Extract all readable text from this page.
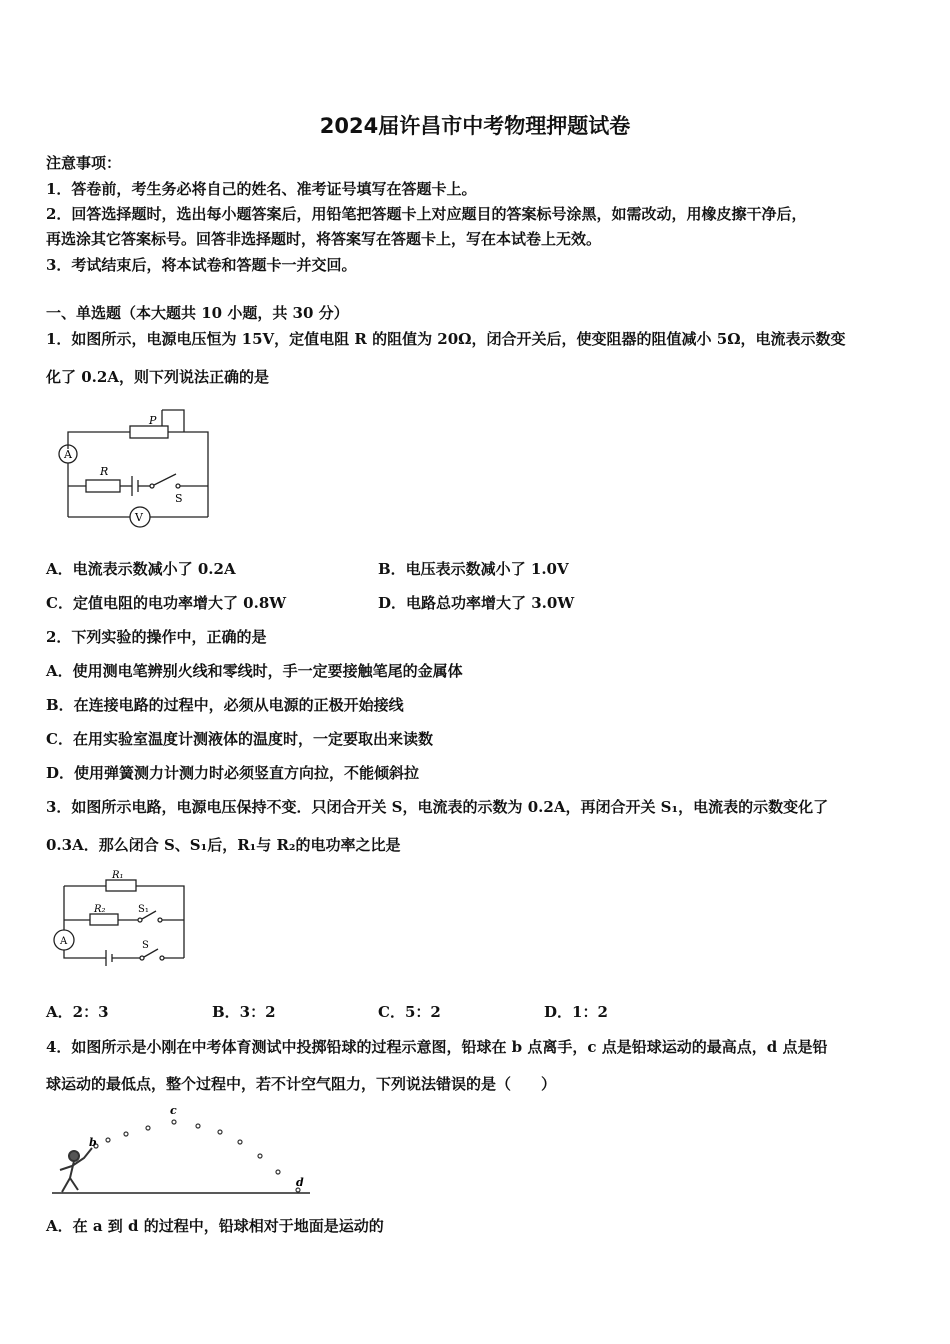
2024届许昌市中考物理押题试卷
注意事项：
1．答卷前，考生务必将自己的姓名、准考证号填写在答题卡上。
2．回答选择题时，选出每小题答案后，用铅笔把答题卡上对应题目的答案标号涂黑，如需改动，用橡皮擦干净后，
再选涂其它答案标号。回答非选择题时，将答案写在答题卡上，写在本试卷上无效。
3．考试结束后，将本试卷和答题卡一并交回。
一、单选题（本大题共 10 小题，共 30 分）
1．如图所示，电源电压恒为 15V，定值电阻 R 的阻值为 20Ω，闭合开关后，使变阻器的阻值减小 5Ω，电流表示数变
化了 0.2A，则下列说法正确的是
P
A
R
S
V
A．电流表示数减小了 0.2A	B．电压表示数减小了 1.0V
C．定值电阻的电功率增大了 0.8W	D．电路总功率增大了 3.0W
2．下列实验的操作中，正确的是
A．使用测电笔辨别火线和零线时，手一定要接触笔尾的金属体
B．在连接电路的过程中，必须从电源的正极开始接线
C．在用实验室温度计测液体的温度时，一定要取出来读数
D．使用弹簧测力计测力时必须竖直方向拉，不能倾斜拉
3．如图所示电路，电源电压保持不变．只闭合开关 S，电流表的示数为 0.2A，再闭合开关 S₁，电流表的示数变化了
0.3A．那么闭合 S、S₁后，R₁与 R₂的电功率之比是
R₁
R₂	S₁
S
A
A．2：3	B．3：2	C．5：2	D．1：2
4．如图所示是小刚在中考体育测试中投掷铅球的过程示意图，铅球在 b 点离手，c 点是铅球运动的最高点，d 点是铅
球运动的最低点，整个过程中，若不计空气阻力，下列说法错误的是（　　）
b
c
d
A．在 a 到 d 的过程中，铅球相对于地面是运动的
